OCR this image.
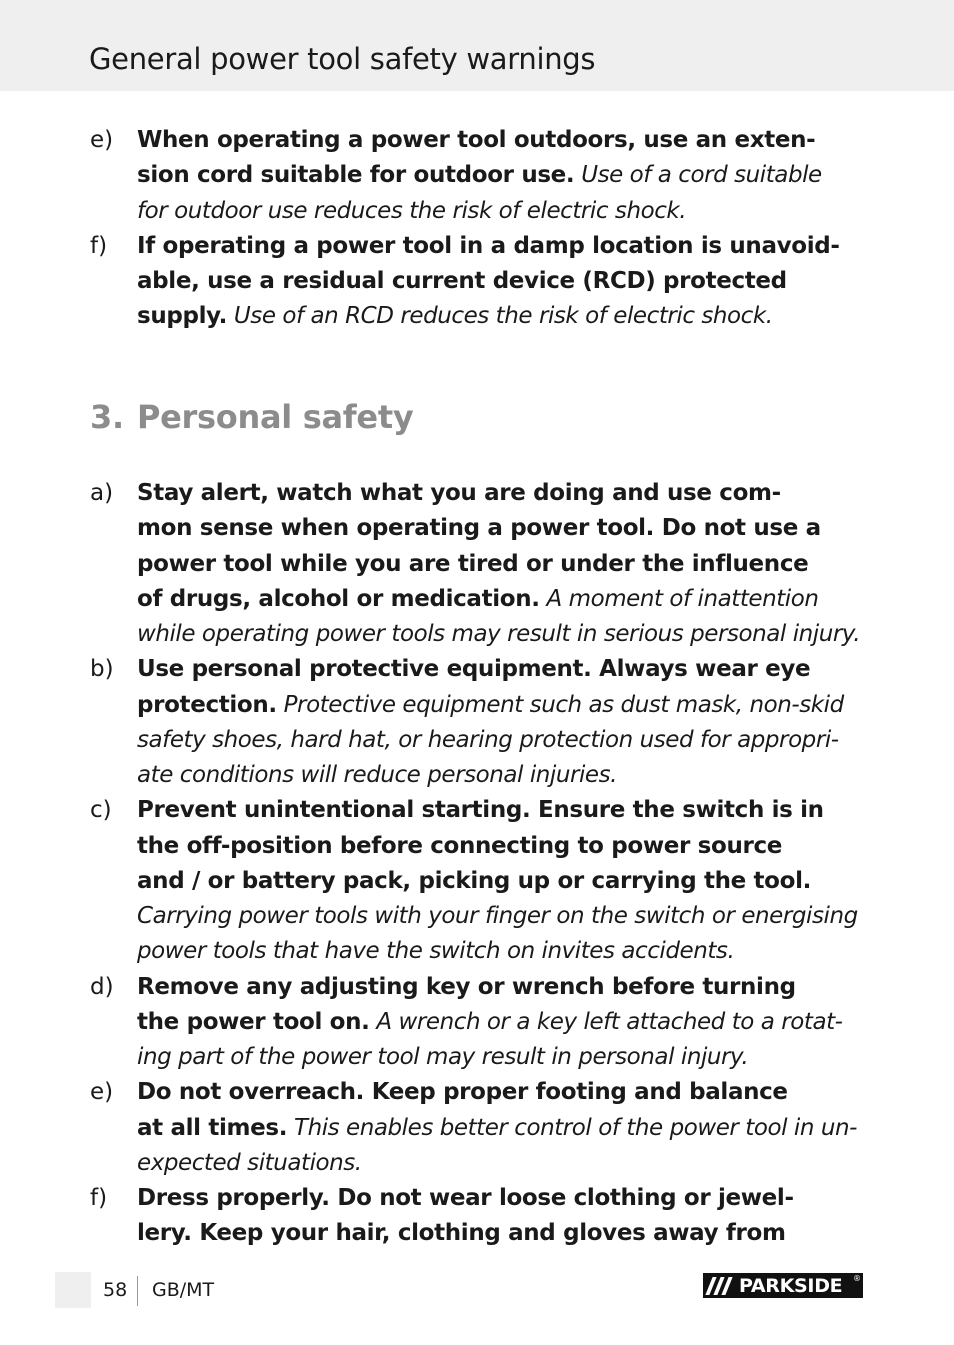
General power tool safety warnings
e) When operating a power tool outdoors, use an exten-
sion cord suitable for outdoor use. Use of a cord suitable
for outdoor use reduces the risk of electric shock.
f) If operating a power tool in a damp location is unavoid-
able, use a residual current device (RCD) protected
supply. Use of an RCD reduces the risk of electric shock.
3. Personal safety
a) Stay alert, watch what you are doing and use com-
mon sense when operating a power tool. Do not use a
power tool while you are tired or under the influence
of drugs, alcohol or medication. A moment of inattention
while operating power tools may result in serious personal injury.
b) Use personal protective equipment. Always wear eye
protection. Protective equipment such as dust mask, non-skid
safety shoes, hard hat, or hearing protection used for appropri-
ate conditions will reduce personal injuries.
c) Prevent unintentional starting. Ensure the switch is in
the off-position before connecting to power source
and / or battery pack, picking up or carrying the tool.
Carrying power tools with your finger on the switch or energising
power tools that have the switch on invites accidents.
d) Remove any adjusting key or wrench before turning
the power tool on. A wrench or a key left attached to a rotat-
ing part of the power tool may result in personal injury.
e) Do not overreach. Keep proper footing and balance
at all times. This enables better control of the power tool in un-
expected situations.
f) Dress properly. Do not wear loose clothing or jewel-
lery. Keep your hair, clothing and gloves away from
58 GB/MT	PARKSIDE ®
